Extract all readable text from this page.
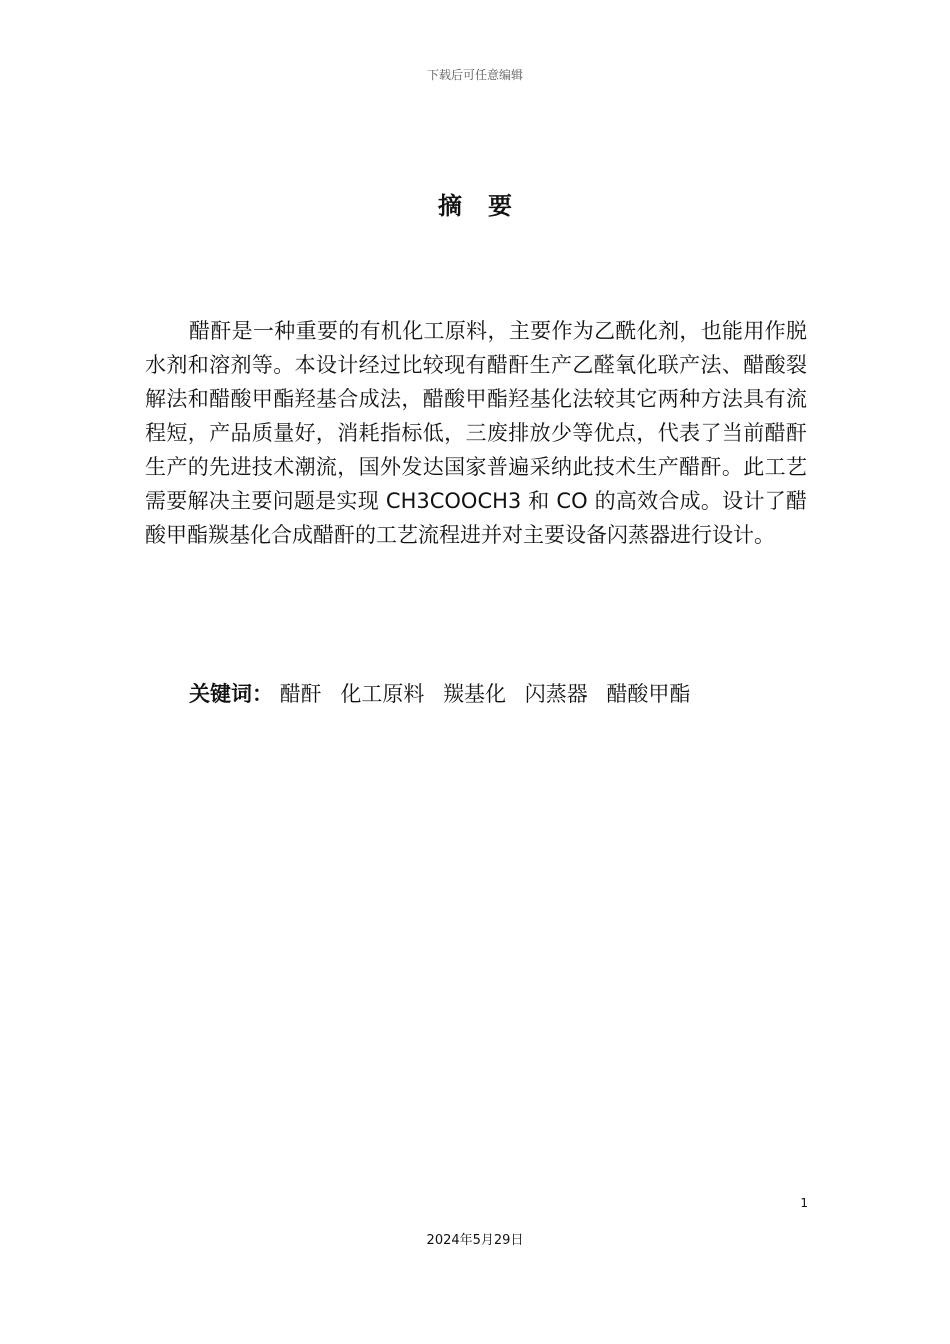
下载后可任意编辑
摘要

醋酐是一种重要的有机化工原料，主要作为乙酰化剂，也能用作脱水剂和溶剂等。本设计经过比较现有醋酐生产乙醛氧化联产法、醋酸裂解法和醋酸甲酯羟基合成法，醋酸甲酯羟基化法较其它两种方法具有流程短，产品质量好，消耗指标低，三废排放少等优点，代表了当前醋酐生产的先进技术潮流，国外发达国家普遍采纳此技术生产醋酐。此工艺需要解决主要问题是实现 CH3COOCH3 和 CO 的高效合成。设计了醋酸甲酯羰基化合成醋酐的工艺流程进并对主要设备闪蒸器进行设计。

关键词： 醋酐 化工原料 羰基化 闪蒸器 醋酸甲酯
1
2024年5月29日
